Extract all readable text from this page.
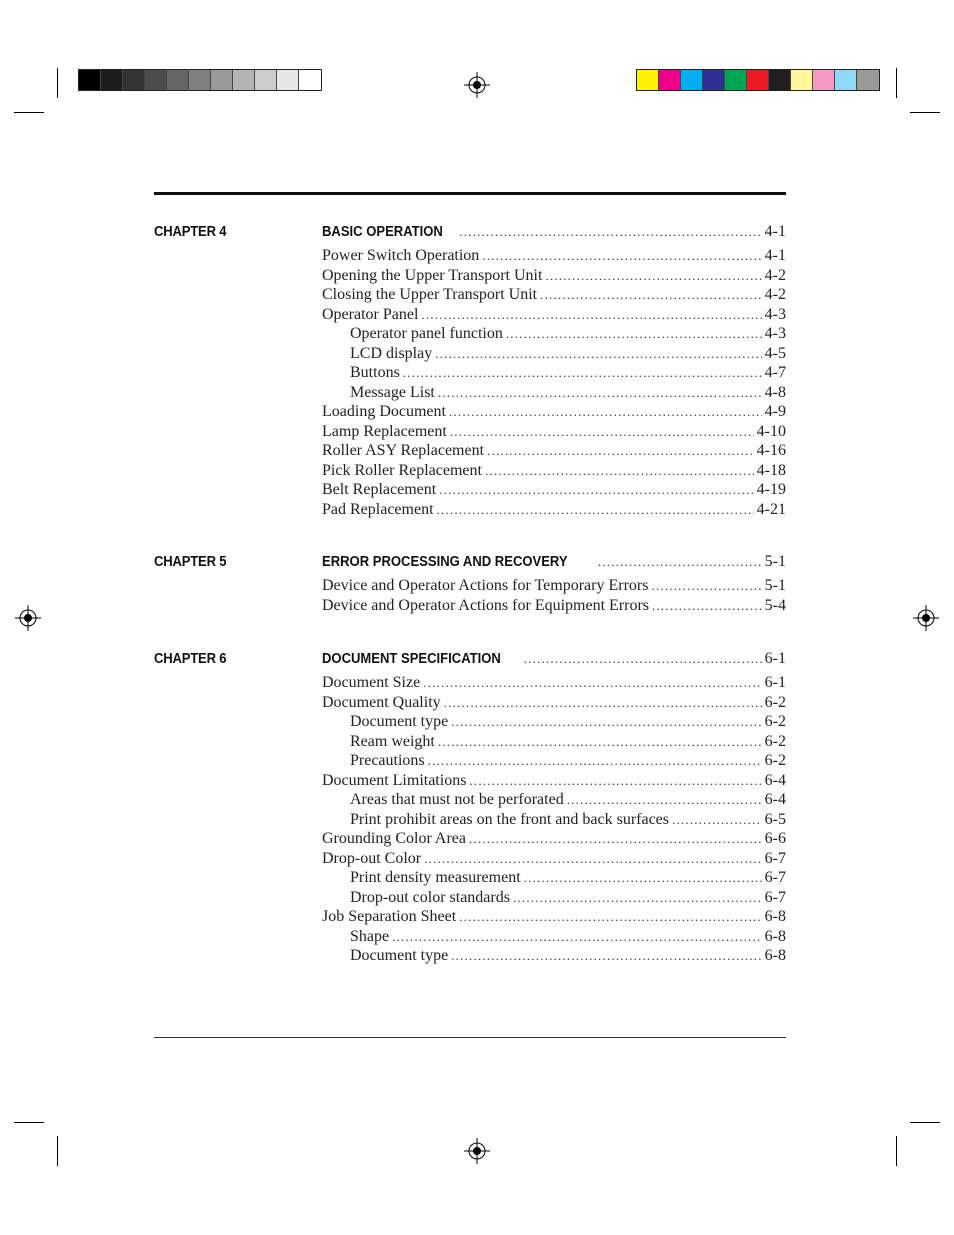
CHAPTER 4	BASIC OPERATION .....	4-1
Power Switch Operation .....	4-1
Opening the Upper Transport Unit .....	4-2
Closing the Upper Transport Unit .....	4-2
Operator Panel .....	4-3
Operator panel function .....	4-3
LCD display .....	4-5
Buttons .....	4-7
Message List .....	4-8
Loading Document .....	4-9
Lamp Replacement .....	4-10
Roller ASY Replacement .....	4-16
Pick Roller Replacement .....	4-18
Belt Replacement .....	4-19
Pad Replacement .....	4-21
CHAPTER 5	ERROR PROCESSING AND RECOVERY .....	5-1
Device and Operator Actions for Temporary Errors .....	5-1
Device and Operator Actions for Equipment Errors .....	5-4
CHAPTER 6	DOCUMENT SPECIFICATION .....	6-1
Document Size .....	6-1
Document Quality .....	6-2
Document type .....	6-2
Ream weight .....	6-2
Precautions .....	6-2
Document Limitations .....	6-4
Areas that must not be perforated .....	6-4
Print prohibit areas on the front and back surfaces .....	6-5
Grounding Color Area .....	6-6
Drop-out Color .....	6-7
Print density measurement .....	6-7
Drop-out color standards .....	6-7
Job Separation Sheet .....	6-8
Shape .....	6-8
Document type .....	6-8
